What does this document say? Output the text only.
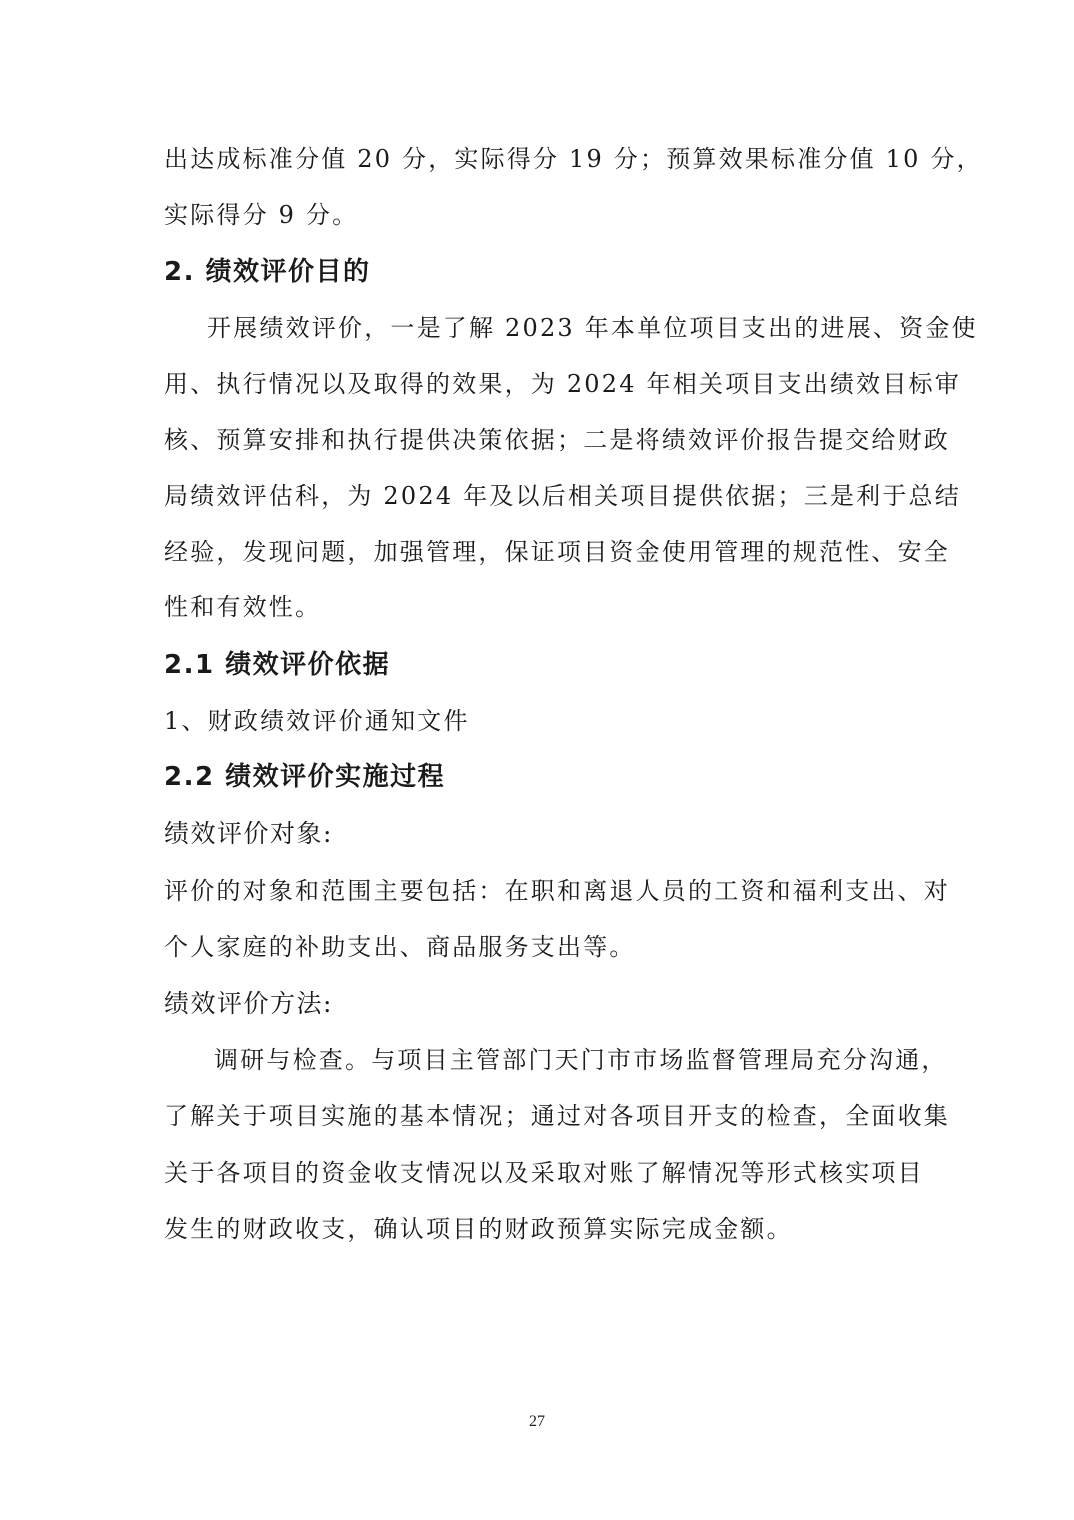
出达成标准分值 20 分，实际得分 19 分；预算效果标准分值 10 分，
实际得分 9 分。
2. 绩效评价目的
开展绩效评价，一是了解 2023 年本单位项目支出的进展、资金使
用、执行情况以及取得的效果，为 2024 年相关项目支出绩效目标审
核、预算安排和执行提供决策依据；二是将绩效评价报告提交给财政
局绩效评估科，为 2024 年及以后相关项目提供依据；三是利于总结
经验，发现问题，加强管理，保证项目资金使用管理的规范性、安全
性和有效性。
2.1 绩效评价依据
1、财政绩效评价通知文件
2.2 绩效评价实施过程
绩效评价对象:
评价的对象和范围主要包括：在职和离退人员的工资和福利支出、对
个人家庭的补助支出、商品服务支出等。
绩效评价方法:
调研与检查。与项目主管部门天门市市场监督管理局充分沟通，
了解关于项目实施的基本情况；通过对各项目开支的检查，全面收集
关于各项目的资金收支情况以及采取对账了解情况等形式核实项目
发生的财政收支，确认项目的财政预算实际完成金额。
27
